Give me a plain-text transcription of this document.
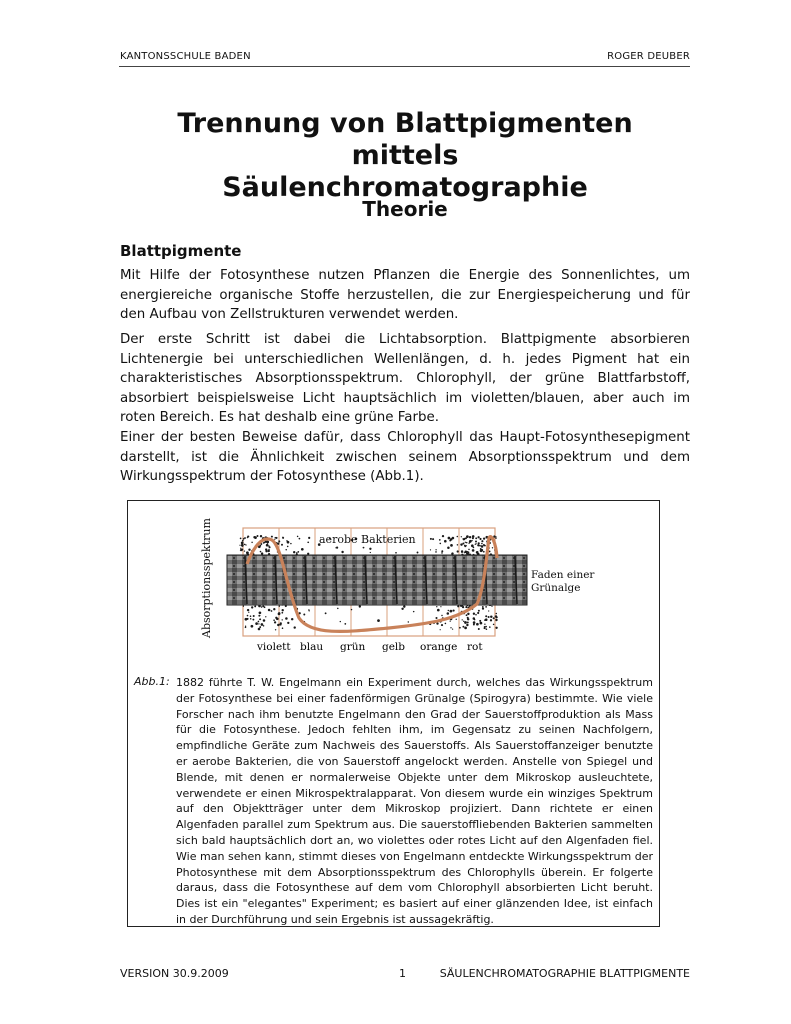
KANTONSSCHULE BADEN	ROGER DEUBER
Trennung von Blattpigmenten mittels
Säulenchromatographie
Theorie
Blattpigmente
Mit Hilfe der Fotosynthese nutzen Pflanzen die Energie des Sonnenlichtes, um energiereiche organische Stoffe herzustellen, die zur Energiespeicherung und für den Aufbau von Zellstrukturen verwendet werden.
Der erste Schritt ist dabei die Lichtabsorption. Blattpigmente absorbieren Lichtenergie bei unterschiedlichen Wellenlängen, d. h. jedes Pigment hat ein charakteristisches Absorptionsspektrum. Chlorophyll, der grüne Blattfarbstoff, absorbiert beispielsweise Licht hauptsächlich im violetten/blauen, aber auch im roten Bereich. Es hat deshalb eine grüne Farbe.
Einer der besten Beweise dafür, dass Chlorophyll das Haupt-Fotosynthesepigment darstellt, ist die Ähnlichkeit zwischen seinem Absorptionsspektrum und dem Wirkungsspektrum der Fotosynthese (Abb.1).
aerobe Bakterien
Absorptionsspektrum	Faden einer
Grünalge
violett blau grün gelb orange rot
Abb.1: 1882 führte T. W. Engelmann ein Experiment durch, welches das Wirkungsspektrum der Fotosynthese bei einer fadenförmigen Grünalge (Spirogyra) bestimmte. Wie viele Forscher nach ihm benutzte Engelmann den Grad der Sauerstoffproduktion als Mass für die Fotosynthese. Jedoch fehlten ihm, im Gegensatz zu seinen Nachfolgern, empfindliche Geräte zum Nachweis des Sauerstoffs. Als Sauerstoffanzeiger benutzte er aerobe Bakterien, die von Sauerstoff angelockt werden. Anstelle von Spiegel und Blende, mit denen er normalerweise Objekte unter dem Mikroskop ausleuchtete, verwendete er einen Mikrospektralapparat. Von diesem wurde ein winziges Spektrum auf den Objektträger unter dem Mikroskop projiziert. Dann richtete er einen Algenfaden parallel zum Spektrum aus. Die sauerstoffliebenden Bakterien sammelten sich bald hauptsächlich dort an, wo violettes oder rotes Licht auf den Algenfaden fiel. Wie man sehen kann, stimmt dieses von Engelmann entdeckte Wirkungsspektrum der Photosynthese mit dem Absorptionsspektrum des Chlorophylls überein. Er folgerte daraus, dass die Fotosynthese auf dem vom Chlorophyll absorbierten Licht beruht. Dies ist ein "elegantes" Experiment; es basiert auf einer glänzenden Idee, ist einfach in der Durchführung und sein Ergebnis ist aussagekräftig.
VERSION 30.9.2009	1	SÄULENCHROMATOGRAPHIE BLATTPIGMENTE
